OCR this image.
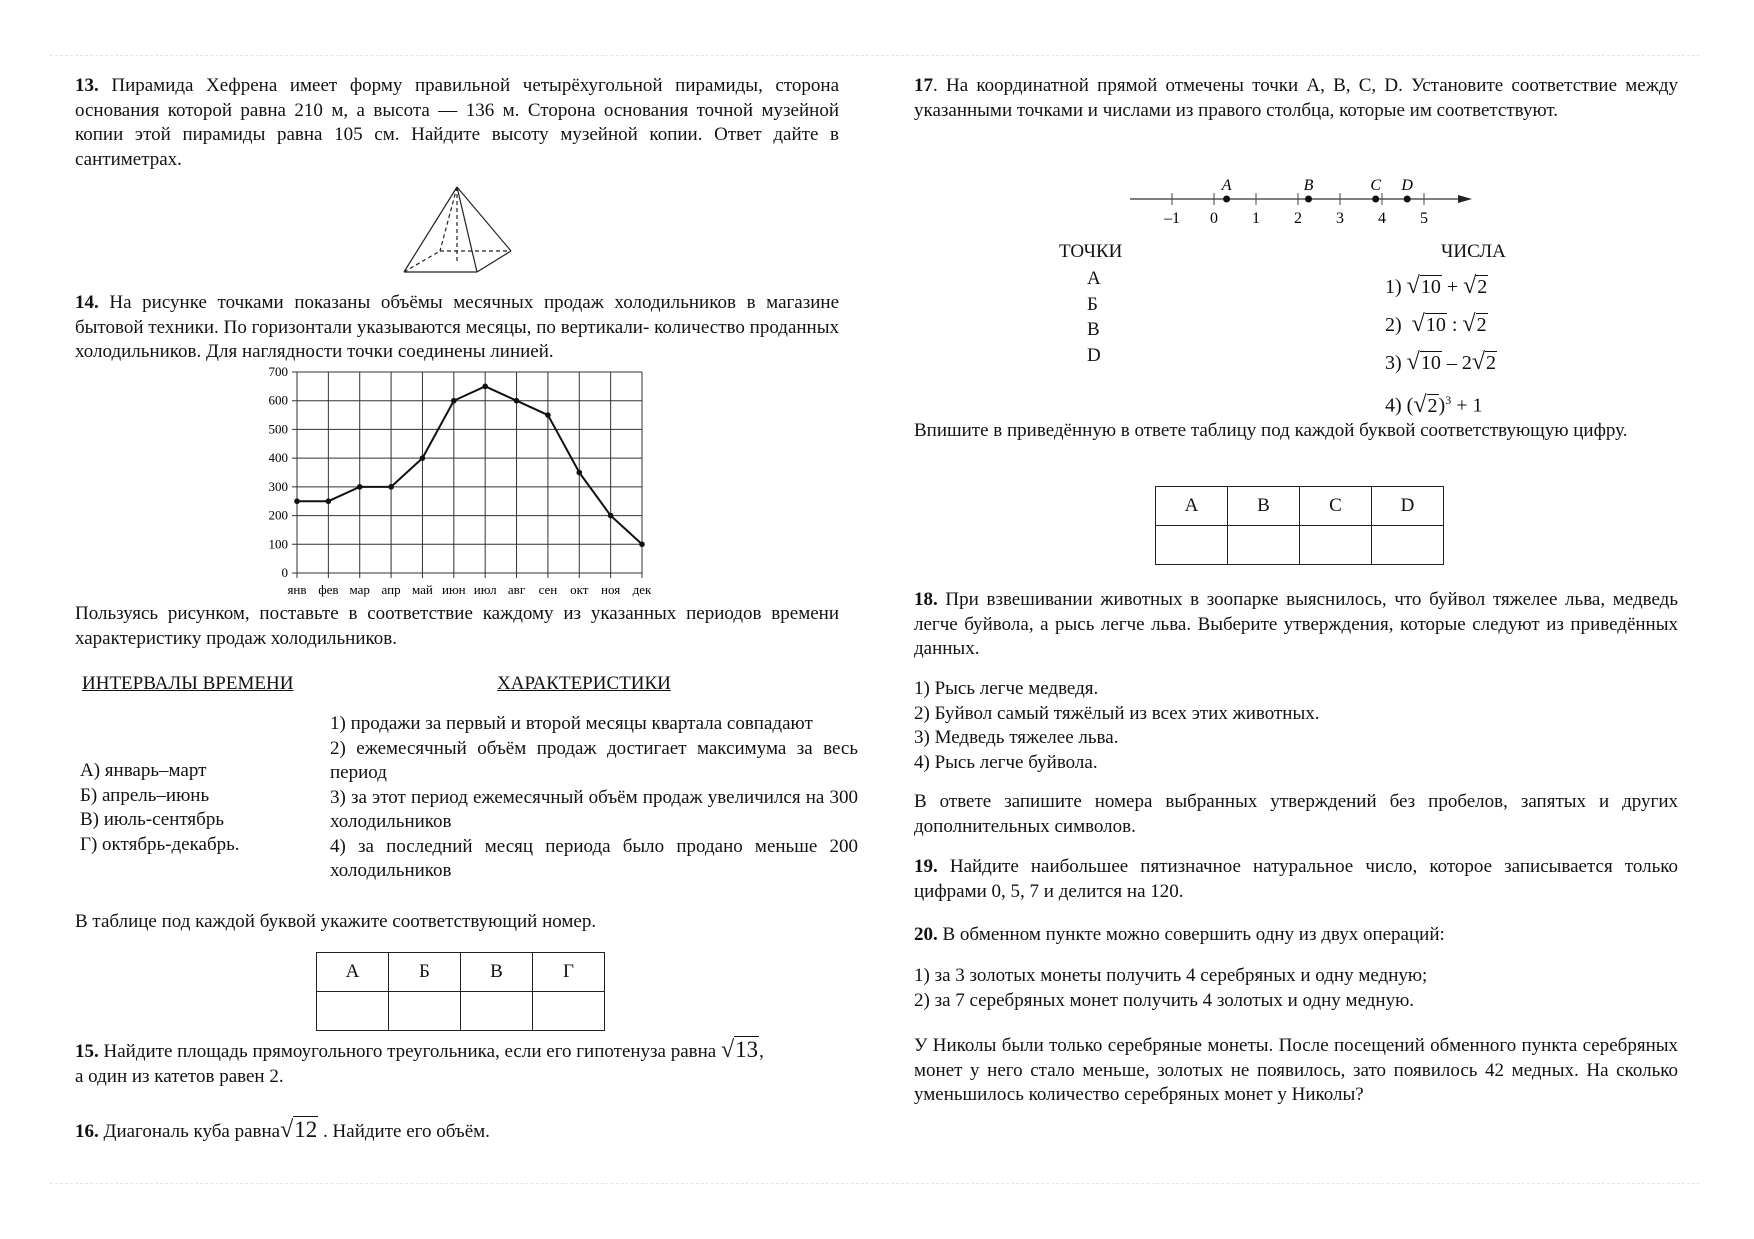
13. Пирамида Хефрена имеет форму правильной четырёхугольной пирамиды, сторона основания которой равна 210 м, а высота — 136 м. Сторона основания точной музейной копии этой пирамиды равна 105 см. Найдите высоту музейной копии. Ответ дайте в сантиметрах.
14. На рисунке точками показаны объёмы месячных продаж холодильников в магазине бытовой техники. По горизонтали указываются месяцы, по вертикали- количество проданных холодильников. Для наглядности точки соединены линией.
0
100
200
300
400
500
600
700
янв фев мар апр май июн июл авг сен окт ноя дек
Пользуясь рисунком, поставьте в соответствие каждому из указанных периодов времени характеристику продаж холодильников.
ИНТЕРВАЛЫ ВРЕМЕНИ	ХАРАКТЕРИСТИКИ
А) январь–март
Б) апрель–июнь
В) июль-сентябрь
Г) октябрь-декабрь.
1) продажи за первый и второй месяцы квартала совпадают
2) ежемесячный объём продаж достигает максимума за весь период
3) за этот период ежемесячный объём продаж увеличился на 300 холодильников
4) за последний месяц периода было продано меньше 200 холодильников
В таблице под каждой буквой укажите соответствующий номер.
А	Б	В	Г

15. Найдите площадь прямоугольного треугольника, если его гипотенуза равна √13,
а один из катетов равен 2.
16. Диагональ куба равна√12 . Найдите его объём.
17. На координатной прямой отмечены точки A, B, C, D. Установите соответствие между указанными точками и числами из правого столбца, которые им соответствуют.
–1 0 1 2 3 4 5
A	B	C D
ТОЧКИ	ЧИСЛА
А
Б
В
D
1) √10 + √2
2) √10 : √2
3) √10 – 2√2
4) $(√2)^3 + 1$
Впишите в приведённую в ответе таблицу под каждой буквой соответствующую цифру.
A	B	C	D

18. При взвешивании животных в зоопарке выяснилось, что буйвол тяжелее льва, медведь легче буйвола, а рысь легче льва. Выберите утверждения, которые следуют из приведённых данных.
1) Рысь легче медведя.
2) Буйвол самый тяжёлый из всех этих животных.
3) Медведь тяжелее льва.
4) Рысь легче буйвола.
В ответе запишите номера выбранных утверждений без пробелов, запятых и других дополнительных символов.
19. Найдите наибольшее пятизначное натуральное число, которое записывается только цифрами 0, 5, 7 и делится на 120.
20. В обменном пункте можно совершить одну из двух операций:
1) за 3 золотых монеты получить 4 серебряных и одну медную;
2) за 7 серебряных монет получить 4 золотых и одну медную.
У Николы были только серебряные монеты. После посещений обменного пункта серебряных монет у него стало меньше, золотых не появилось, зато появилось 42 медных. На сколько уменьшилось количество серебряных монет у Николы?
